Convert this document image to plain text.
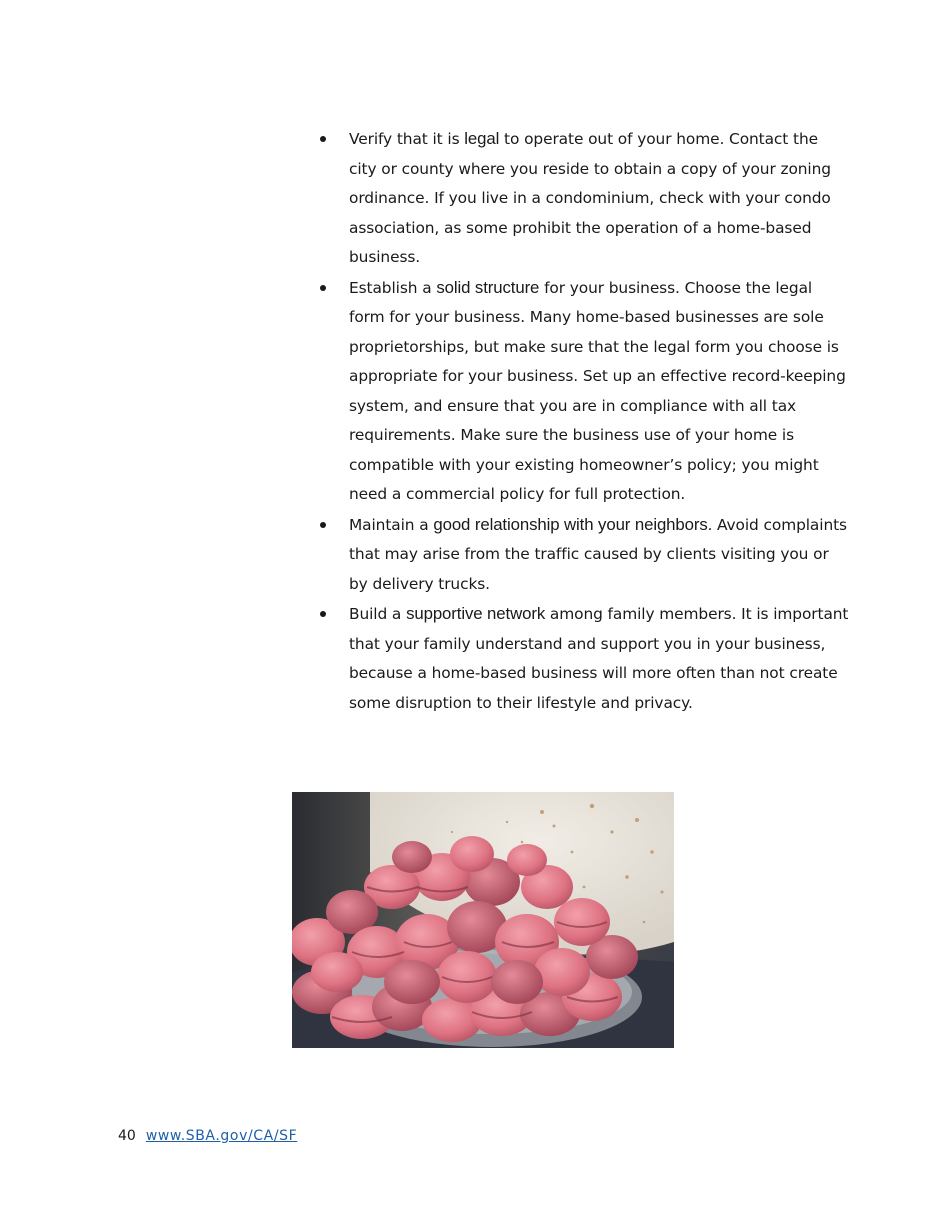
Verify that it is legal to operate out of your home. Contact the city or county where you reside to obtain a copy of your zoning ordinance. If you live in a condominium, check with your condo association, as some prohibit the operation of a home-based business.
Establish a solid structure for your business. Choose the legal form for your business. Many home-based businesses are sole proprietorships, but make sure that the legal form you choose is appropriate for your business. Set up an effective record-keeping system, and ensure that you are in compliance with all tax requirements. Make sure the business use of your home is compatible with your existing homeowner’s policy; you might need a commercial policy for full protection.
Maintain a good relationship with your neighbors. Avoid complaints that may arise from the traffic caused by clients visiting you or by delivery trucks.
Build a supportive network among family members. It is important that your family understand and support you in your business, because a home-based business will more often than not create some disruption to their lifestyle and privacy.
40 www.SBA.gov/CA/SF
